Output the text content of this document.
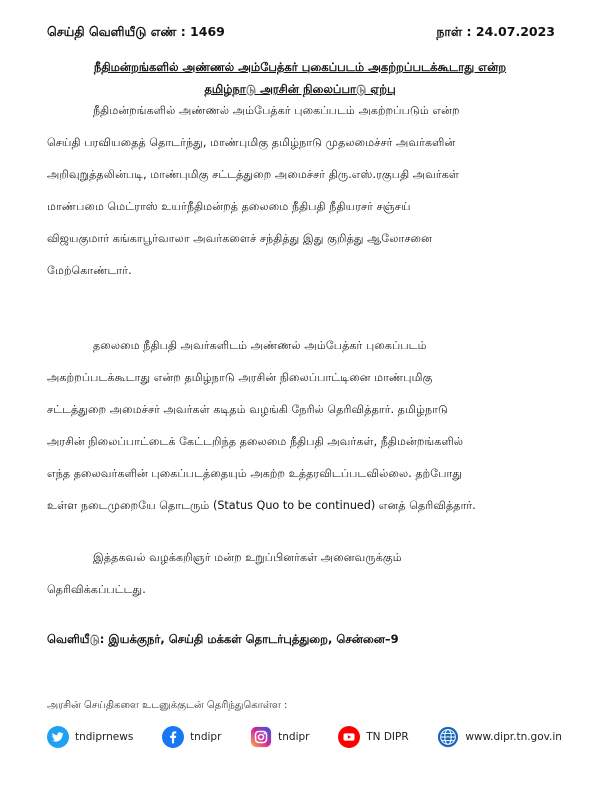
செய்தி வெளியீடு எண் : 1469	நாள் : 24.07.2023
நீதிமன்றங்களில் அண்ணல் அம்பேத்கர் புகைப்படம் அகற்றப்படக்கூடாது என்ற
தமிழ்நாடு அரசின் நிலைப்பாடு ஏற்பு
நீதிமன்றங்களில் அண்ணல் அம்பேத்கர் புகைப்படம் அகற்றப்படும் என்ற
செய்தி பரவியதைத் தொடர்ந்து, மாண்புமிகு தமிழ்நாடு முதலமைச்சர் அவர்களின்
அறிவுறுத்தலின்படி, மாண்புமிகு சட்டத்துறை அமைச்சர் திரு.எஸ்.ரகுபதி அவர்கள்
மாண்பமை மெட்ராஸ் உயர்நீதிமன்றத் தலைமை நீதிபதி நீதியரசர் சஞ்சய்
விஜயகுமார் கங்காபூர்வாலா அவர்களைச் சந்தித்து இது குறித்து ஆலோசனை
மேற்கொண்டார்.
தலைமை நீதிபதி அவர்களிடம் அண்ணல் அம்பேத்கர் புகைப்படம்
அகற்றப்படக்கூடாது என்ற தமிழ்நாடு அரசின் நிலைப்பாட்டினை மாண்புமிகு
சட்டத்துறை அமைச்சர் அவர்கள் கடிதம் வழங்கி நேரில் தெரிவித்தார். தமிழ்நாடு
அரசின் நிலைப்பாட்டைக் கேட்டறிந்த தலைமை நீதிபதி அவர்கள், நீதிமன்றங்களில்
எந்த தலைவர்களின் புகைப்படத்தையும் அகற்ற உத்தரவிடப்படவில்லை. தற்போது
உள்ள நடைமுறையே தொடரும் (Status Quo to be continued) எனத் தெரிவித்தார்.
இத்தகவல் வழக்கறிஞர் மன்ற உறுப்பினர்கள் அனைவருக்கும்
தெரிவிக்கப்பட்டது.
வெளியீடு: இயக்குநர், செய்தி மக்கள் தொடர்புத்துறை, சென்னை–9
அரசின் செய்திகளை உடனுக்குடன் தெரிந்துகொள்ள :
tndiprnews	tndipr	tndipr	TN DIPR	www.dipr.tn.gov.in
